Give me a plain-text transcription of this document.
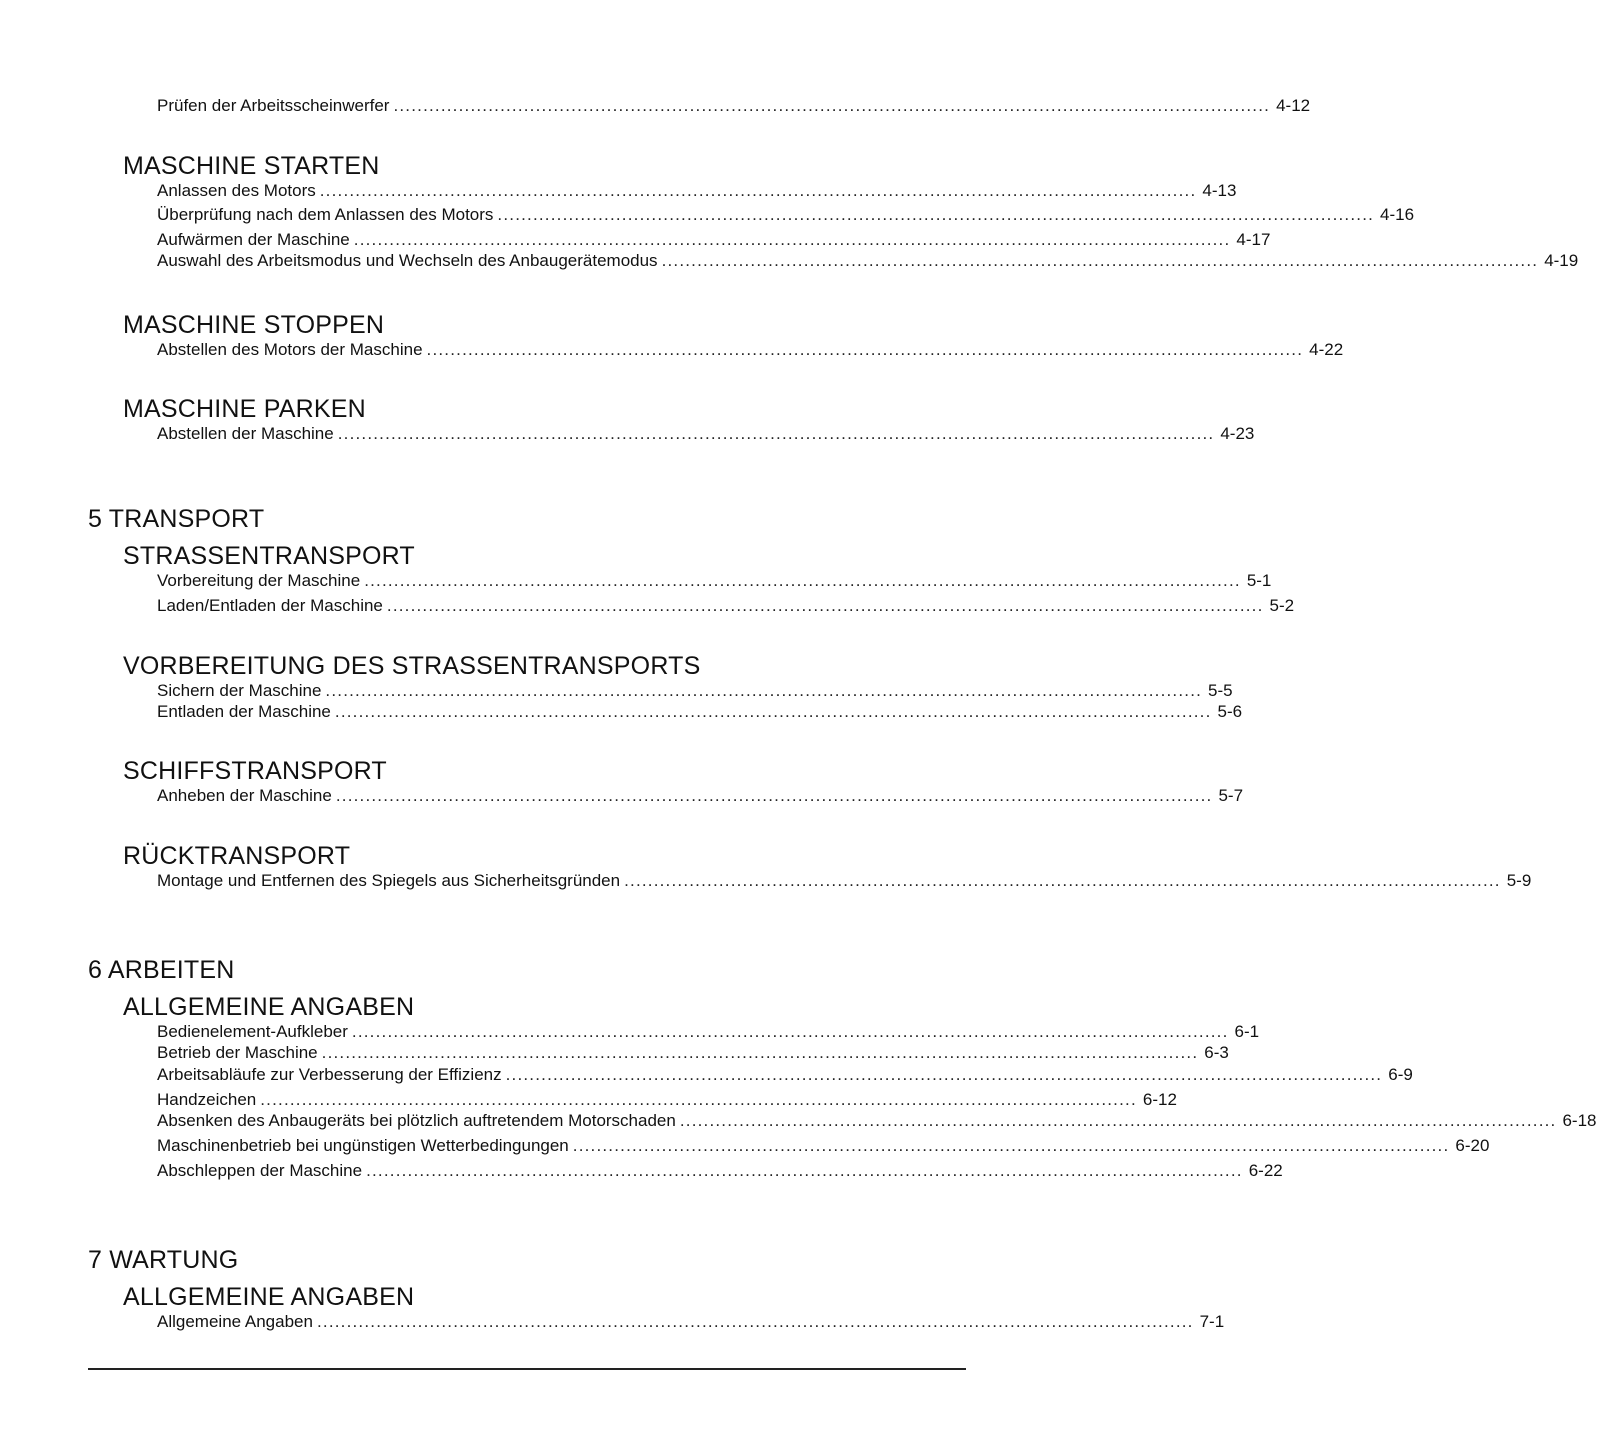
Prüfen der Arbeitsscheinwerfer .................................................................................................................................................... 4-12
MASCHINE STARTEN
Anlassen des Motors .................................................................................................................................................... 4-13
Überprüfung nach dem Anlassen des Motors .................................................................................................................................................... 4-16
Aufwärmen der Maschine .................................................................................................................................................... 4-17
Auswahl des Arbeitsmodus und Wechseln des Anbaugerätemodus .................................................................................................................................................... 4-19
MASCHINE STOPPEN
Abstellen des Motors der Maschine .................................................................................................................................................... 4-22
MASCHINE PARKEN
Abstellen der Maschine .................................................................................................................................................... 4-23
5 TRANSPORT
STRASSENTRANSPORT
Vorbereitung der Maschine .................................................................................................................................................... 5-1
Laden/Entladen der Maschine .................................................................................................................................................... 5-2
VORBEREITUNG DES STRASSENTRANSPORTS
Sichern der Maschine .................................................................................................................................................... 5-5
Entladen der Maschine .................................................................................................................................................... 5-6
SCHIFFSTRANSPORT
Anheben der Maschine .................................................................................................................................................... 5-7
RÜCKTRANSPORT
Montage und Entfernen des Spiegels aus Sicherheitsgründen .................................................................................................................................................... 5-9
6 ARBEITEN
ALLGEMEINE ANGABEN
Bedienelement-Aufkleber .................................................................................................................................................... 6-1
Betrieb der Maschine .................................................................................................................................................... 6-3
Arbeitsabläufe zur Verbesserung der Effizienz .................................................................................................................................................... 6-9
Handzeichen .................................................................................................................................................... 6-12
Absenken des Anbaugeräts bei plötzlich auftretendem Motorschaden .................................................................................................................................................... 6-18
Maschinenbetrieb bei ungünstigen Wetterbedingungen .................................................................................................................................................... 6-20
Abschleppen der Maschine .................................................................................................................................................... 6-22
7 WARTUNG
ALLGEMEINE ANGABEN
Allgemeine Angaben .................................................................................................................................................... 7-1
